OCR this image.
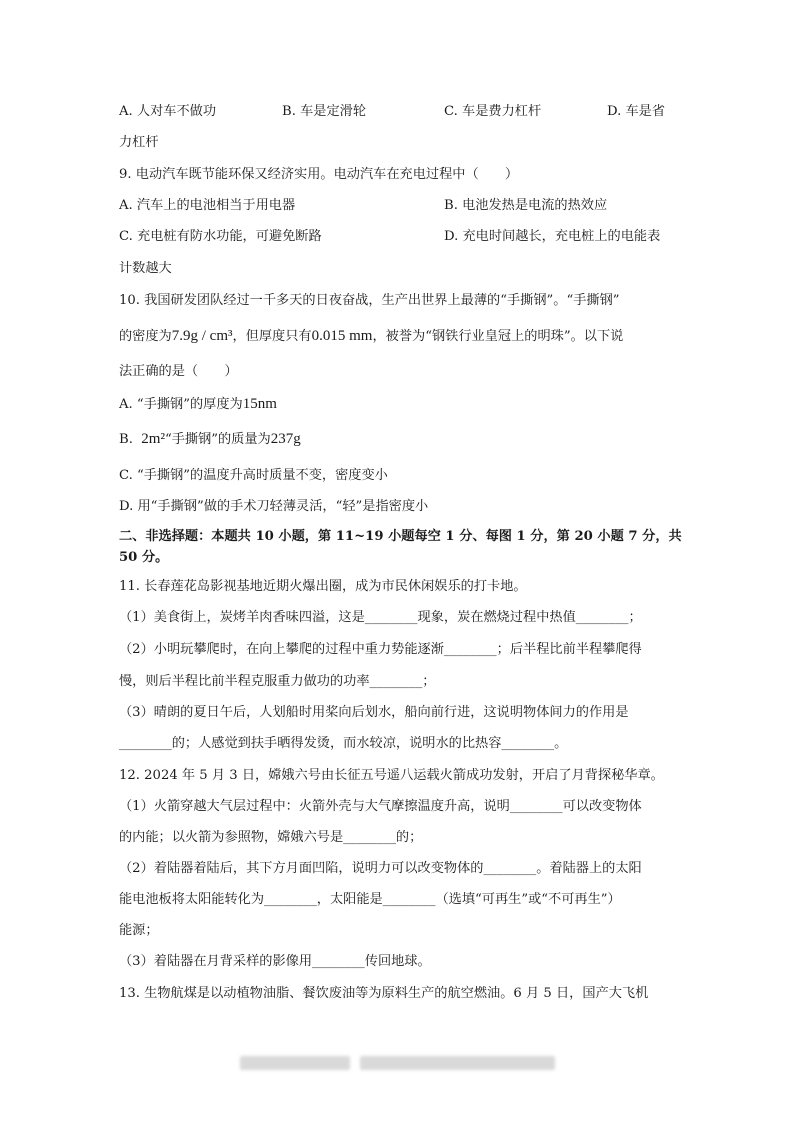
A. 人对车不做功	B. 车是定滑轮	C. 车是费力杠杆	D. 车是省
力杠杆
9. 电动汽车既节能环保又经济实用。电动汽车在充电过程中（　　）
A. 汽车上的电池相当于用电器	B. 电池发热是电流的热效应
C. 充电桩有防水功能，可避免断路	D. 充电时间越长，充电桩上的电能表
计数越大
10. 我国研发团队经过一千多天的日夜奋战，生产出世界上最薄的“手撕钢”。“手撕钢”
的密度为7.9g / cm³，但厚度只有0.015 mm，被誉为“钢铁行业皇冠上的明珠”。以下说
法正确的是（　　）
A. “手撕钢”的厚度为15nm
B. 2m²“手撕钢”的质量为237g
C. “手撕钢”的温度升高时质量不变，密度变小
D. 用“手撕钢”做的手术刀轻薄灵活，“轻”是指密度小
二、非选择题：本题共 10 小题，第 11~19 小题每空 1 分、每图 1 分，第 20 小题 7 分，共
50 分。
11. 长春莲花岛影视基地近期火爆出圈，成为市民休闲娱乐的打卡地。
（1）美食街上，炭烤羊肉香味四溢，这是________现象，炭在燃烧过程中热值________；
（2）小明玩攀爬时，在向上攀爬的过程中重力势能逐渐________；后半程比前半程攀爬得
慢，则后半程比前半程克服重力做功的功率________；
（3）晴朗的夏日午后，人划船时用桨向后划水，船向前行进，这说明物体间力的作用是
________的；人感觉到扶手晒得发烫，而水较凉，说明水的比热容________。
12. 2024 年 5 月 3 日，嫦娥六号由长征五号遥八运载火箭成功发射，开启了月背探秘华章。
（1）火箭穿越大气层过程中：火箭外壳与大气摩擦温度升高，说明________可以改变物体
的内能；以火箭为参照物，嫦娥六号是________的；
（2）着陆器着陆后，其下方月面凹陷，说明力可以改变物体的________。着陆器上的太阳
能电池板将太阳能转化为________，太阳能是________（选填“可再生”或“不可再生”）
能源；
（3）着陆器在月背采样的影像用________传回地球。
13. 生物航煤是以动植物油脂、餐饮废油等为原料生产的航空燃油。6 月 5 日，国产大飞机
